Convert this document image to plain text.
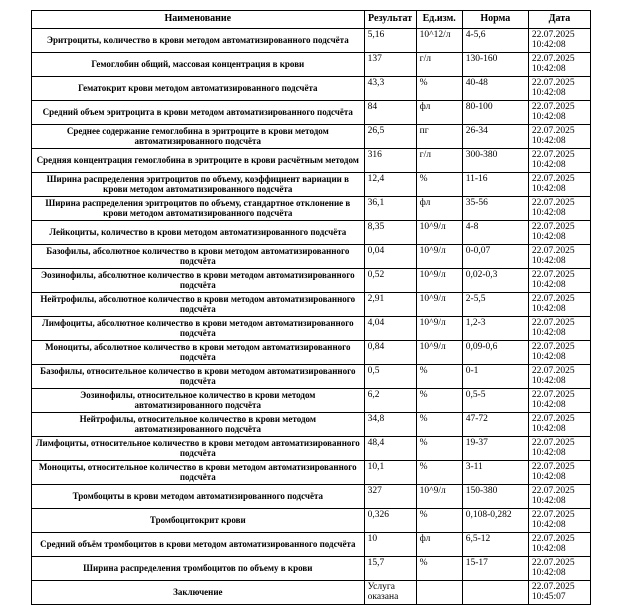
Наименование	Результат	Ед.изм.	Норма	Дата
Эритроциты, количество в крови методом автоматизированного подсчёта	5,16	10^12/л	4-5,6	22.07.2025
10:42:08

Гемоглобин общий, массовая концентрация в крови	137	г/л	130-160	22.07.2025
10:42:08

Гематокрит крови методом автоматизированного подсчёта	43,3	%	40-48	22.07.2025
10:42:08

Средний объем эритроцита в крови методом автоматизированного подсчёта	84	фл	80-100	22.07.2025
10:42:08

Среднее содержание гемоглобина в эритроците в крови методом автоматизированного подсчёта	26,5	пг	26-34	22.07.2025
10:42:08

Средняя концентрация гемоглобина в эритроците в крови расчётным методом	316	г/л	300-380	22.07.2025
10:42:08

Ширина распределения эритроцитов по объему, коэффициент вариации в крови методом автоматизированного подсчёта	12,4	%	11-16	22.07.2025
10:42:08

Ширина распределения эритроцитов по объему, стандартное отклонение в крови методом автоматизированного подсчёта	36,1	фл	35-56	22.07.2025
10:42:08

Лейкоциты, количество в крови методом автоматизированного подсчёта	8,35	10^9/л	4-8	22.07.2025
10:42:08

Базофилы, абсолютное количество в крови методом автоматизированного подсчёта	0,04	10^9/л	0-0,07	22.07.2025
10:42:08

Эозинофилы, абсолютное количество в крови методом автоматизированного подсчёта	0,52	10^9/л	0,02-0,3	22.07.2025
10:42:08

Нейтрофилы, абсолютное количество в крови методом автоматизированного подсчёта	2,91	10^9/л	2-5,5	22.07.2025
10:42:08

Лимфоциты, абсолютное количество в крови методом автоматизированного подсчёта	4,04	10^9/л	1,2-3	22.07.2025
10:42:08

Моноциты, абсолютное количество в крови методом автоматизированного подсчёта	0,84	10^9/л	0,09-0,6	22.07.2025
10:42:08

Базофилы, относительное количество в крови методом автоматизированного подсчёта	0,5	%	0-1	22.07.2025
10:42:08

Эозинофилы, относительное количество в крови методом автоматизированного подсчёта	6,2	%	0,5-5	22.07.2025
10:42:08

Нейтрофилы, относительное количество в крови методом автоматизированного подсчёта	34,8	%	47-72	22.07.2025
10:42:08

Лимфоциты, относительное количество в крови методом автоматизированного подсчёта	48,4	%	19-37	22.07.2025
10:42:08

Моноциты, относительное количество в крови методом автоматизированного подсчёта	10,1	%	3-11	22.07.2025
10:42:08

Тромбоциты в крови методом автоматизированного подсчёта	327	10^9/л	150-380	22.07.2025
10:42:08

Тромбоцитокрит крови	0,326	%	0,108-0,282	22.07.2025
10:42:08

Средний объём тромбоцитов в крови методом автоматизированного подсчёта	10	фл	6,5-12	22.07.2025
10:42:08

Ширина распределения тромбоцитов по объему в крови	15,7	%	15-17	22.07.2025
10:42:08

Заключение	Услуга оказана			22.07.2025
10:45:07
